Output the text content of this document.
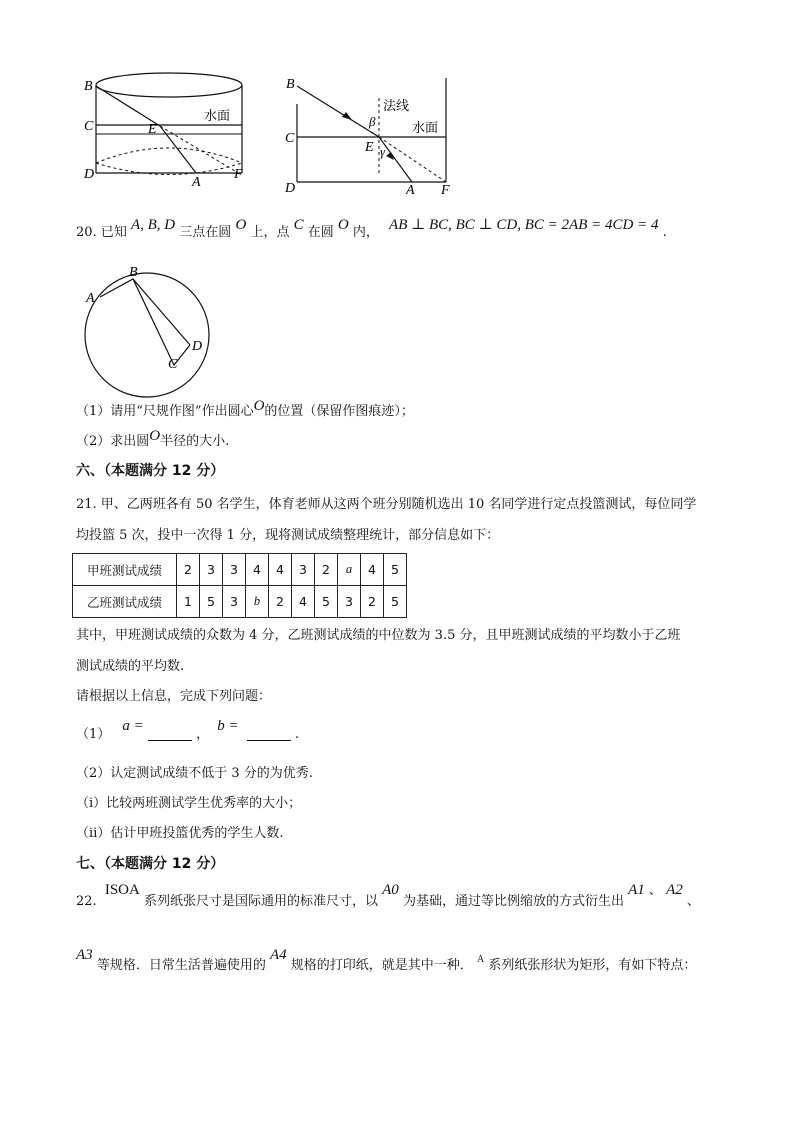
B
C	E
D
A
F
水面
B
C
D
E
A F
β
γ
法线
水面
20. 已知 A, B, D 三点在圆 O 上，点 C 在圆 O 内， AB ⊥ BC, BC ⊥ CD, BC = 2AB = 4CD = 4 .
A
B
C
D
（1）请用“尺规作图”作出圆心O的位置（保留作图痕迹）；
（2）求出圆O半径的大小.
六、（本题满分 12 分）
21. 甲、乙两班各有 50 名学生，体育老师从这两个班分别随机选出 10 名同学进行定点投篮测试，每位同学
均投篮 5 次，投中一次得 1 分，现将测试成绩整理统计，部分信息如下：
甲班测试成绩	2	3	3	4	4	3	2	a	4	5
乙班测试成绩	1	5	3	b	2	4	5	3	2	5
其中，甲班测试成绩的众数为 4 分，乙班测试成绩的中位数为 3.5 分，且甲班测试成绩的平均数小于乙班
测试成绩的平均数.
请根据以上信息，完成下列问题：
（1） a =  ， b =  .
（2）认定测试成绩不低于 3 分的为优秀.
（ⅰ）比较两班测试学生优秀率的大小；
（ⅱ）估计甲班投篮优秀的学生人数.
七、（本题满分 12 分）
22. ISOA 系列纸张尺寸是国际通用的标准尺寸，以 A0 为基础，通过等比例缩放的方式衍生出 A1 、 A2 、
A3 等规格．日常生活普遍使用的 A4 规格的打印纸，就是其中一种． $^A$ 系列纸张形状为矩形，有如下特点：
